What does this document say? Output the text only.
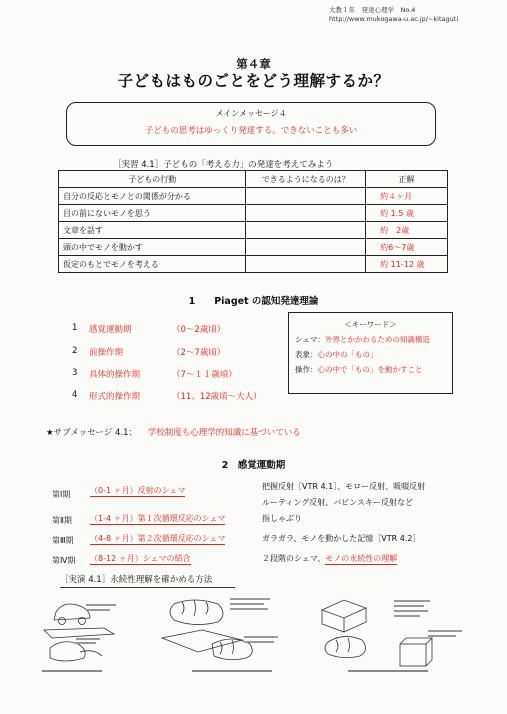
大教１年　発達心理学　No.4
http://www.mukogawa-u.ac.jp/~kitaguti
第４章
子どもはものごとをどう理解するか？
メインメッセージ４
子どもの思考はゆっくり発達する。できないことも多い
［実習 4.1］子どもの「考える力」の発達を考えてみよう
子どもの行動	できるようになるのは？	正解
自分の反応とモノとの関係が分かる		約４ヶ月
目の前にないモノを思う		約 1.5 歳
文章を話す		約　2歳
頭の中でモノを動かす		約6〜7歳
仮定のもとでモノを考える		約 11-12 歳
1　　Piaget の認知発達理論
1 感覚運動期	（0〜2歳頃）
2 前操作期	（2〜7歳頃）
3 具体的操作期	（7〜１１歳頃）
4 形式的操作期	（11、12歳頃〜大人）
＜キーワード＞
シェマ：外界とかかわるための知識構造
表象：心の中の「もの」
操作：心の中で「もの」を動かすこと
★サブメッセージ 4.1： 学校制度も心理学的知識に基づいている
2　感覚運動期
第Ⅰ期 （0-1 ヶ月）反射のシェマ	把握反射［VTR 4.1］、モロー反射、吸啜反射
ルーティング反射、バビンスキー反射など
第Ⅱ期 （1-4 ヶ月）第１次循環反応のシェマ	指しゃぶり
第Ⅲ期 （4-8 ヶ月）第２次循環反応のシェマ	ガラガラ、モノを動かした記憶［VTR 4.2］
第Ⅳ期 （8-12 ヶ月）シェマの結合	２段階のシェマ、モノの永続性の理解
［実演 4.1］永続性理解を確かめる方法
